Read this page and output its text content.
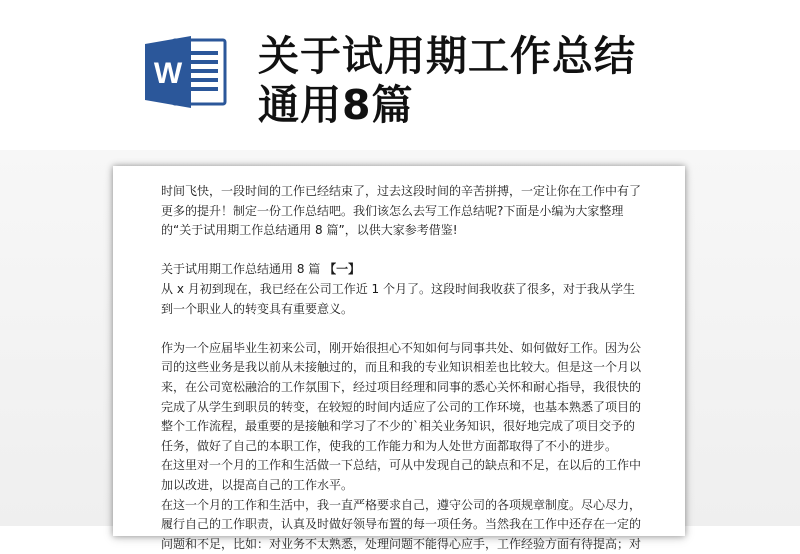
W 关于试用期工作总结
通用8篇

时间飞快，一段时间的工作已经结束了，过去这段时间的辛苦拼搏，一定让你在工作中有了更多的提升！制定一份工作总结吧。我们该怎么去写工作总结呢?下面是小编为大家整理的“关于试用期工作总结通用 8 篇”，以供大家参考借鉴!

关于试用期工作总结通用 8 篇 【一】

从 x 月初到现在，我已经在公司工作近 1 个月了。这段时间我收获了很多，对于我从学生到一个职业人的转变具有重要意义。

作为一个应届毕业生初来公司，刚开始很担心不知如何与同事共处、如何做好工作。因为公司的这些业务是我以前从未接触过的，而且和我的专业知识相差也比较大。但是这一个月以来，在公司宽松融洽的工作氛围下，经过项目经理和同事的悉心关怀和耐心指导，我很快的完成了从学生到职员的转变，在较短的时间内适应了公司的工作环境，也基本熟悉了项目的整个工作流程，最重要的是接触和学习了不少的`相关业务知识，很好地完成了项目交予的任务，做好了自己的本职工作，使我的工作能力和为人处世方面都取得了不小的进步。

在这里对一个月的工作和生活做一下总结，可从中发现自己的缺点和不足，在以后的工作中加以改进，以提高自己的工作水平。

在这一个月的工作和生活中，我一直严格要求自己，遵守公司的各项规章制度。尽心尽力，履行自己的工作职责，认真及时做好领导布置的每一项任务。当然我在工作中还存在一定的问题和不足，比如：对业务不太熟悉，处理问题不能得心应手，工作经验方面有待提高；对
